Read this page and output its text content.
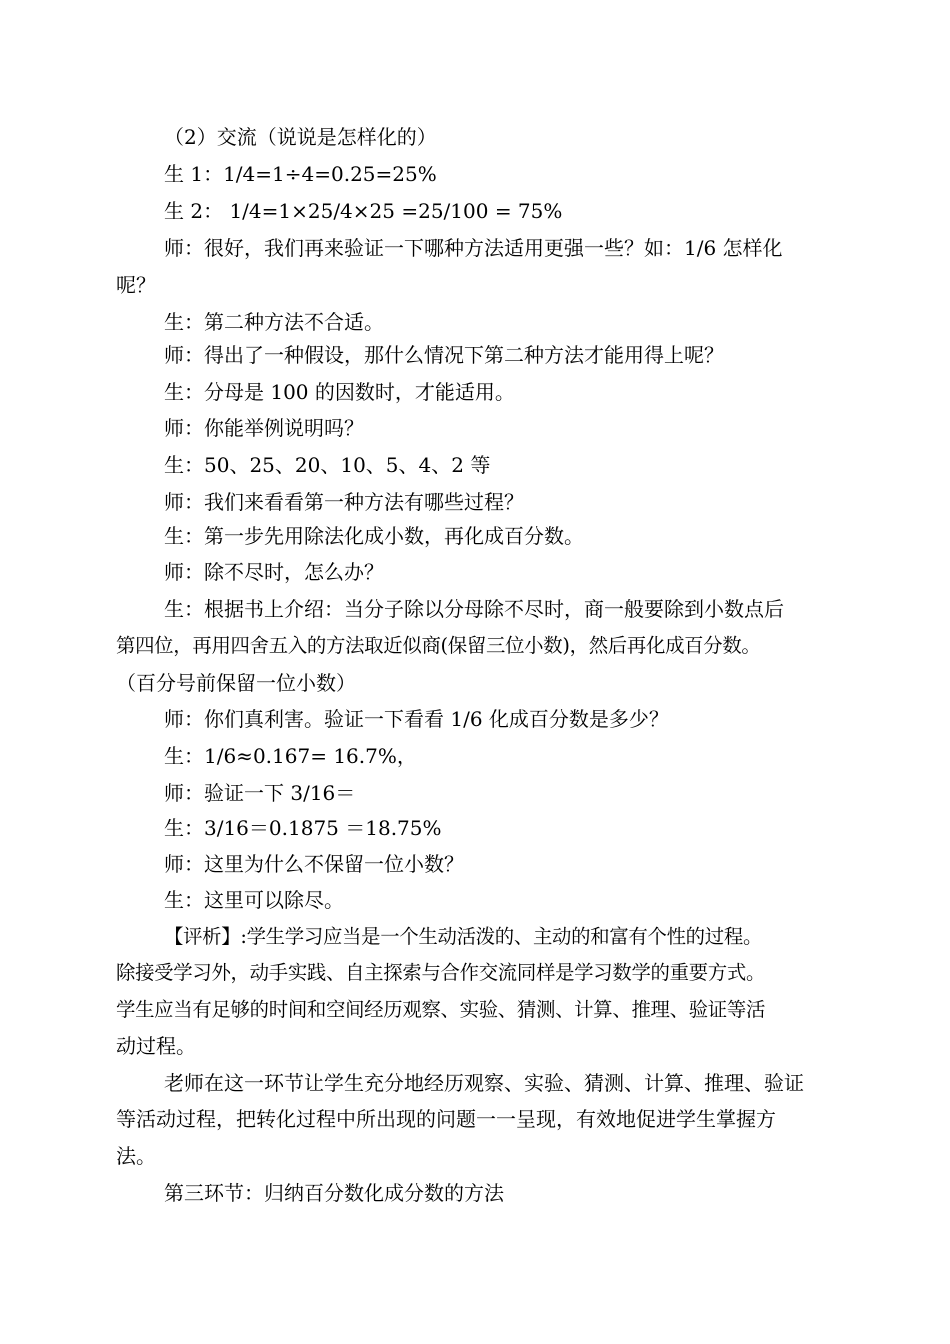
（2）交流（说说是怎样化的）
生 1：1/4=1÷4=0.25=25%
生 2： 1/4=1×25/4×25 =25/100 = 75%
师：很好，我们再来验证一下哪种方法适用更强一些？如：1/6 怎样化
呢？
生：第二种方法不合适。
师：得出了一种假设，那什么情况下第二种方法才能用得上呢？
生：分母是 100 的因数时，才能适用。
师：你能举例说明吗？
生：50、25、20、10、5、4、2 等
师：我们来看看第一种方法有哪些过程？
生：第一步先用除法化成小数，再化成百分数。
师：除不尽时，怎么办？
生：根据书上介绍：当分子除以分母除不尽时，商一般要除到小数点后
第四位，再用四舍五入的方法取近似商(保留三位小数)，然后再化成百分数。
（百分号前保留一位小数）
师：你们真利害。验证一下看看 1/6 化成百分数是多少？
生：1/6≈0.167= 16.7%，
师：验证一下 3/16＝
生：3/16＝0.1875 ＝18.75%
师：这里为什么不保留一位小数？
生：这里可以除尽。
【评析】:学生学习应当是一个生动活泼的、主动的和富有个性的过程。
除接受学习外，动手实践、自主探索与合作交流同样是学习数学的重要方式。
学生应当有足够的时间和空间经历观察、实验、猜测、计算、推理、验证等活
动过程。
老师在这一环节让学生充分地经历观察、实验、猜测、计算、推理、验证
等活动过程，把转化过程中所出现的问题一一呈现，有效地促进学生掌握方
法。
第三环节：归纳百分数化成分数的方法
